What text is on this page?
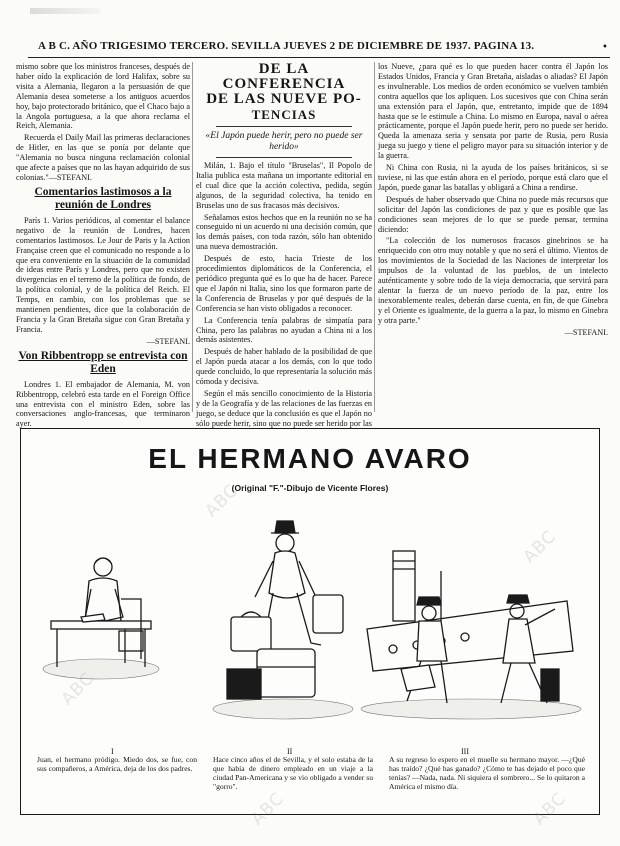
A B C. AÑO TRIGESIMO TERCERO. SEVILLA JUEVES 2 DE DICIEMBRE DE 1937. PAGINA 13.	•

mismo sobre que los ministros franceses, después de haber oído la explicación de lord Halifax, sobre su visita a Alemania, llegaron a la persuasión de que Alemania desea someterse a los antiguos acuerdos hoy, bajo protectorado británico, que el Chaco bajo a la Angola portuguesa, a la que ahora reclama el Reich, Alemania.

Recuerda el Daily Mail las primeras declaraciones de Hitler, en las que se ponía por delante que "Alemania no busca ninguna reclamación colonial que afecte a países que no las hayan adquirido de sus colonias."—STEFANI.

Comentarios lastimosos a la reunión de Londres

París 1. Varios periódicos, al comentar el balance negativo de la reunión de Londres, hacen comentarios lastimosos. Le Jour de Paris y la Action Française creen que el comunicado no responde a lo que era conveniente en la situación de la comunidad de ideas entre París y Londres, pero que no existen divergencias en el terreno de la política de fondo, de la política colonial, y de la política del Reich. El Temps, en cambio, con los problemas que se mantienen pendientes, dice que la colaboración de Francia y la Gran Bretaña sigue con Gran Bretaña y Francia.

—STEFANI.

Von Ribbentropp se entrevista con Eden

Londres 1. El embajador de Alemania, M. von Ribbentropp, celebró esta tarde en el Foreign Office una entrevista con el ministro Eden, sobre las conversaciones anglo-francesas, que terminaron ayer.

DE LA CONFERENCIA
DE LAS NUEVE PO-
TENCIAS
«El Japón puede herir, pero no puede ser herido»

Milán, 1. Bajo el título "Bruselas", Il Popolo de Italia publica esta mañana un importante editorial en el cual dice que la acción colectiva, pedida, según algunos, de la seguridad colectiva, ha tenido en Bruselas uno de sus fracasos más decisivos.

Señalamos estos hechos que en la reunión no se ha conseguido ni un acuerdo ni una decisión común, que los demás países, con toda razón, sólo han obtenido una nueva demostración.

Después de esto, hacia Trieste de los procedimientos diplomáticos de la Conferencia, el periódico pregunta qué es lo que ha de hacer. Parece que el Japón ni Italia, sino los que formaron parte de la Conferencia de Bruselas y por qué después de la Conferencia se han visto obligados a reconocer.

La Conferencia tenía palabras de simpatía para China, pero las palabras no ayudan a China ni a los demás asistentes.

Después de haber hablado de la posibilidad de que el Japón pueda atacar a los demás, con lo que todo quede concluido, lo que representaría la solución más cómoda y decisiva.

Según el más sencillo conocimiento de la Historia y de la Geografía y de las relaciones de las fuerzas en juego, se deduce que la conclusión es que el Japón no sólo puede herir, sino que no puede ser herido por las

los Nueve, ¿para qué es lo que pueden hacer contra él Japón los Estados Unidos, Francia y Gran Bretaña, aisladas o aliadas? El Japón es invulnerable. Los medios de orden económico se vuelven también contra aquellos que los apliquen. Los sucesivos que con China serán una extensión para el Japón, que, entretanto, impide que de 1894 hasta que se le estimule a China. Lo mismo en Europa, naval o aérea prácticamente, porque el Japón puede herir, pero no puede ser herido. Queda la amenaza seria y sensata por parte de Rusia, pero Rusia juega su juego y tiene el peligro mayor para su situación interior y de la guerra.

Ni China con Rusia, ni la ayuda de los países británicos, si se tuviese, ni las que están ahora en el período, porque está claro que el Japón, puede ganar las batallas y obligará a China a rendirse.

Después de haber observado que China no puede más recursos que solicitar del Japón las condiciones de paz y que es posible que las condiciones sean mejores de lo que se puede pensar, termina diciendo:

"La colección de los numerosos fracasos ginebrinos se ha enriquecido con otro muy notable y que no será el último. Vientos de los movimientos de la Sociedad de las Naciones de interpretar los impulsos de la voluntad de los pueblos, de un intelecto auténticamente y sobre todo de la vieja democracia, que servirá para alentar la fuerza de un nuevo período de la paz, entre los inexorablemente reales, deberán darse cuenta, en fin, de que Ginebra y el Oriente es igualmente, de la guerra a la paz, lo mismo en Ginebra y otra parte."

—STEFANI.

EL HERMANO AVARO
(Original "F."-Dibujo de Vicente Flores)
ABC
ABC
ABC
ABC	ABC
I	II	III
Juan, el hermano pródigo. Miedo dos, se fue, con sus compañeros, a América, deja de los dos padres.
Hace cinco años el de Sevilla, y el solo estaba de la que había de dinero empleado en un viaje a la ciudad Pan-Americana y se vio obligado a vender su "gorro".
A su regreso lo espero en el muelle su hermano mayor. —¿Qué has traído? ¿Qué has ganado? ¿Cómo te has dejado el poco que tenías? —Nada, nada. Ni siquiera el sombrero... Se lo quitaron a América el mismo día.
